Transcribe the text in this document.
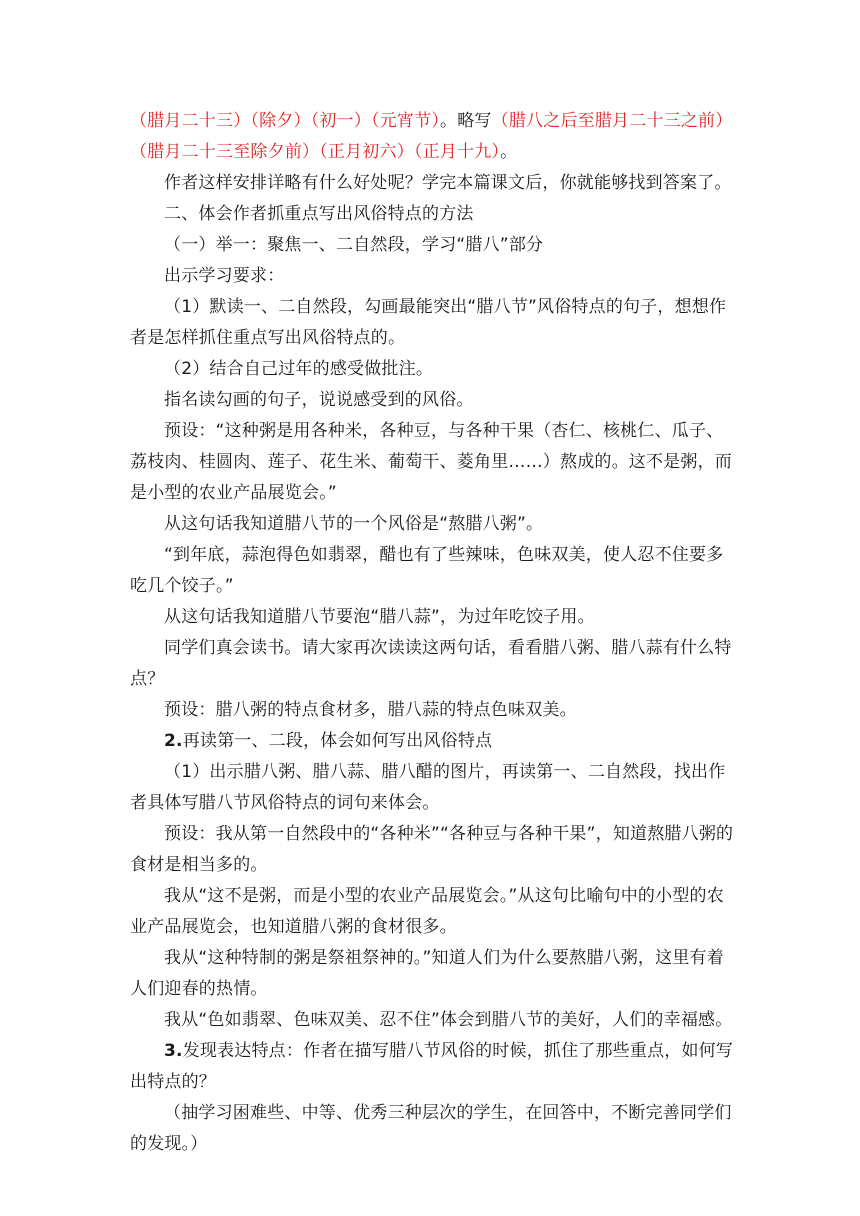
（腊月二十三）（除夕）（初一）（元宵节）。略写（腊八之后至腊月二十三之前）（腊月二十三至除夕前）（正月初六）（正月十九）。

作者这样安排详略有什么好处呢？学完本篇课文后，你就能够找到答案了。

二、体会作者抓重点写出风俗特点的方法

（一）举一：聚焦一、二自然段，学习“腊八”部分

出示学习要求：

（1）默读一、二自然段，勾画最能突出“腊八节”风俗特点的句子，想想作者是怎样抓住重点写出风俗特点的。

（2）结合自己过年的感受做批注。

指名读勾画的句子，说说感受到的风俗。

预设：“这种粥是用各种米，各种豆，与各种干果（杏仁、核桃仁、瓜子、荔枝肉、桂圆肉、莲子、花生米、葡萄干、菱角里……）熬成的。这不是粥，而是小型的农业产品展览会。”

从这句话我知道腊八节的一个风俗是“熬腊八粥”。

“到年底，蒜泡得色如翡翠，醋也有了些辣味，色味双美，使人忍不住要多吃几个饺子。”

从这句话我知道腊八节要泡“腊八蒜”，为过年吃饺子用。

同学们真会读书。请大家再次读读这两句话，看看腊八粥、腊八蒜有什么特点？

预设：腊八粥的特点食材多，腊八蒜的特点色味双美。

2.再读第一、二段，体会如何写出风俗特点

（1）出示腊八粥、腊八蒜、腊八醋的图片，再读第一、二自然段，找出作者具体写腊八节风俗特点的词句来体会。

预设：我从第一自然段中的“各种米”“各种豆与各种干果”，知道熬腊八粥的食材是相当多的。

我从“这不是粥，而是小型的农业产品展览会。”从这句比喻句中的小型的农业产品展览会，也知道腊八粥的食材很多。

我从“这种特制的粥是祭祖祭神的。”知道人们为什么要熬腊八粥，这里有着人们迎春的热情。

我从“色如翡翠、色味双美、忍不住”体会到腊八节的美好，人们的幸福感。

3.发现表达特点：作者在描写腊八节风俗的时候，抓住了那些重点，如何写出特点的？

（抽学习困难些、中等、优秀三种层次的学生，在回答中，不断完善同学们的发现。）
